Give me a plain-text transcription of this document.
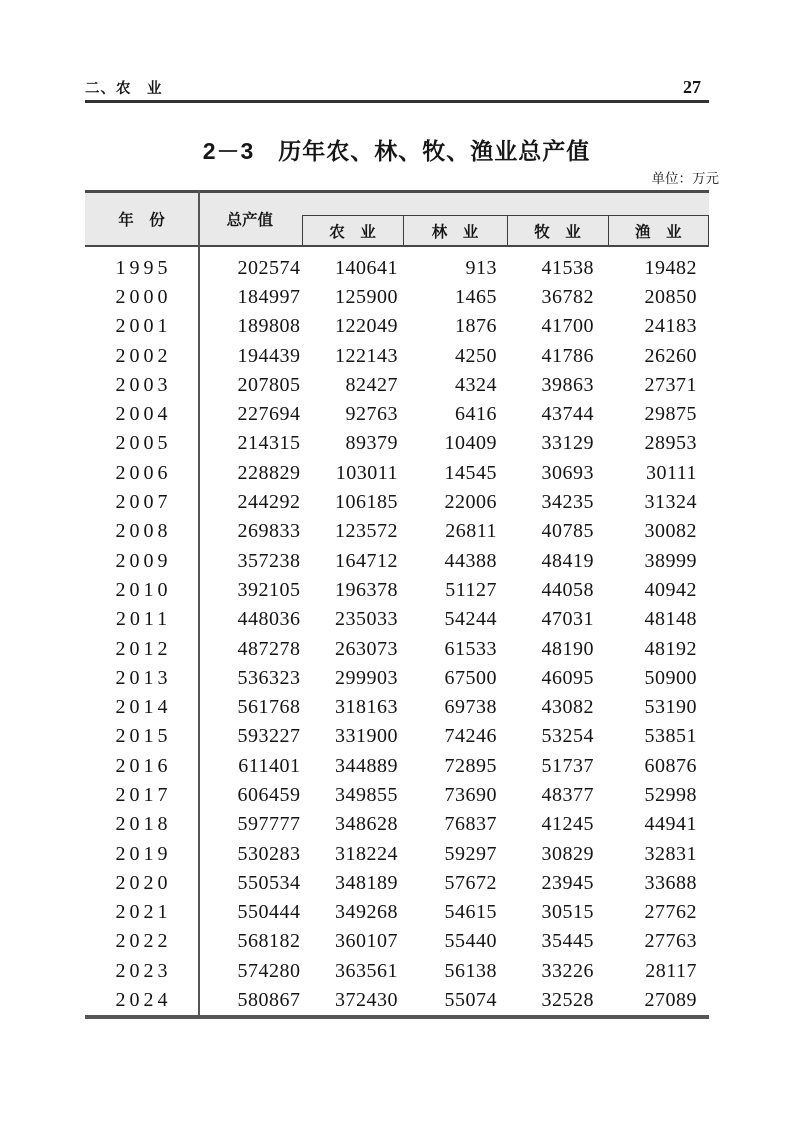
二、农　业	27
2－3　历年农、林、牧、渔业总产值
单位：万元
年　份	总产值
农　业	林　业	牧　业	渔　业
1995	202574	140641	913	41538	19482
2000	184997	125900	1465	36782	20850
2001	189808	122049	1876	41700	24183
2002	194439	122143	4250	41786	26260
2003	207805	82427	4324	39863	27371
2004	227694	92763	6416	43744	29875
2005	214315	89379	10409	33129	28953
2006	228829	103011	14545	30693	30111
2007	244292	106185	22006	34235	31324
2008	269833	123572	26811	40785	30082
2009	357238	164712	44388	48419	38999
2010	392105	196378	51127	44058	40942
2011	448036	235033	54244	47031	48148
2012	487278	263073	61533	48190	48192
2013	536323	299903	67500	46095	50900
2014	561768	318163	69738	43082	53190
2015	593227	331900	74246	53254	53851
2016	611401	344889	72895	51737	60876
2017	606459	349855	73690	48377	52998
2018	597777	348628	76837	41245	44941
2019	530283	318224	59297	30829	32831
2020	550534	348189	57672	23945	33688
2021	550444	349268	54615	30515	27762
2022	568182	360107	55440	35445	27763
2023	574280	363561	56138	33226	28117
2024	580867	372430	55074	32528	27089
